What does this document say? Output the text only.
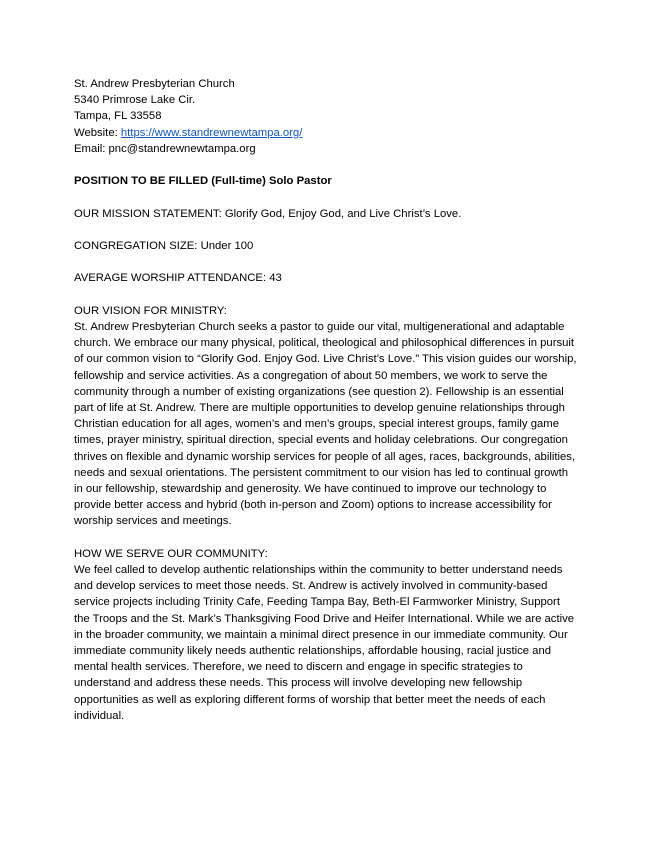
St. Andrew Presbyterian Church
5340 Primrose Lake Cir.
Tampa, FL 33558
Website: https://www.standrewnewtampa.org/
Email: pnc@standrewnewtampa.org
POSITION TO BE FILLED (Full-time) Solo Pastor
OUR MISSION STATEMENT: Glorify God, Enjoy God, and Live Christ’s Love.
CONGREGATION SIZE: Under 100
AVERAGE WORSHIP ATTENDANCE: 43
OUR VISION FOR MINISTRY:
St. Andrew Presbyterian Church seeks a pastor to guide our vital, multigenerational and adaptable church. We embrace our many physical, political, theological and philosophical differences in pursuit of our common vision to “Glorify God. Enjoy God. Live Christ’s Love.” This vision guides our worship, fellowship and service activities. As a congregation of about 50 members, we work to serve the community through a number of existing organizations (see question 2). Fellowship is an essential part of life at St. Andrew. There are multiple opportunities to develop genuine relationships through Christian education for all ages, women’s and men’s groups, special interest groups, family game times, prayer ministry, spiritual direction, special events and holiday celebrations. Our congregation thrives on flexible and dynamic worship services for people of all ages, races, backgrounds, abilities, needs and sexual orientations. The persistent commitment to our vision has led to continual growth in our fellowship, stewardship and generosity. We have continued to improve our technology to provide better access and hybrid (both in-person and Zoom) options to increase accessibility for worship services and meetings.
HOW WE SERVE OUR COMMUNITY:
We feel called to develop authentic relationships within the community to better understand needs and develop services to meet those needs. St. Andrew is actively involved in community-based service projects including Trinity Cafe, Feeding Tampa Bay, Beth-El Farmworker Ministry, Support the Troops and the St. Mark’s Thanksgiving Food Drive and Heifer International. While we are active in the broader community, we maintain a minimal direct presence in our immediate community. Our immediate community likely needs authentic relationships, affordable housing, racial justice and mental health services. Therefore, we need to discern and engage in specific strategies to understand and address these needs. This process will involve developing new fellowship opportunities as well as exploring different forms of worship that better meet the needs of each individual.
